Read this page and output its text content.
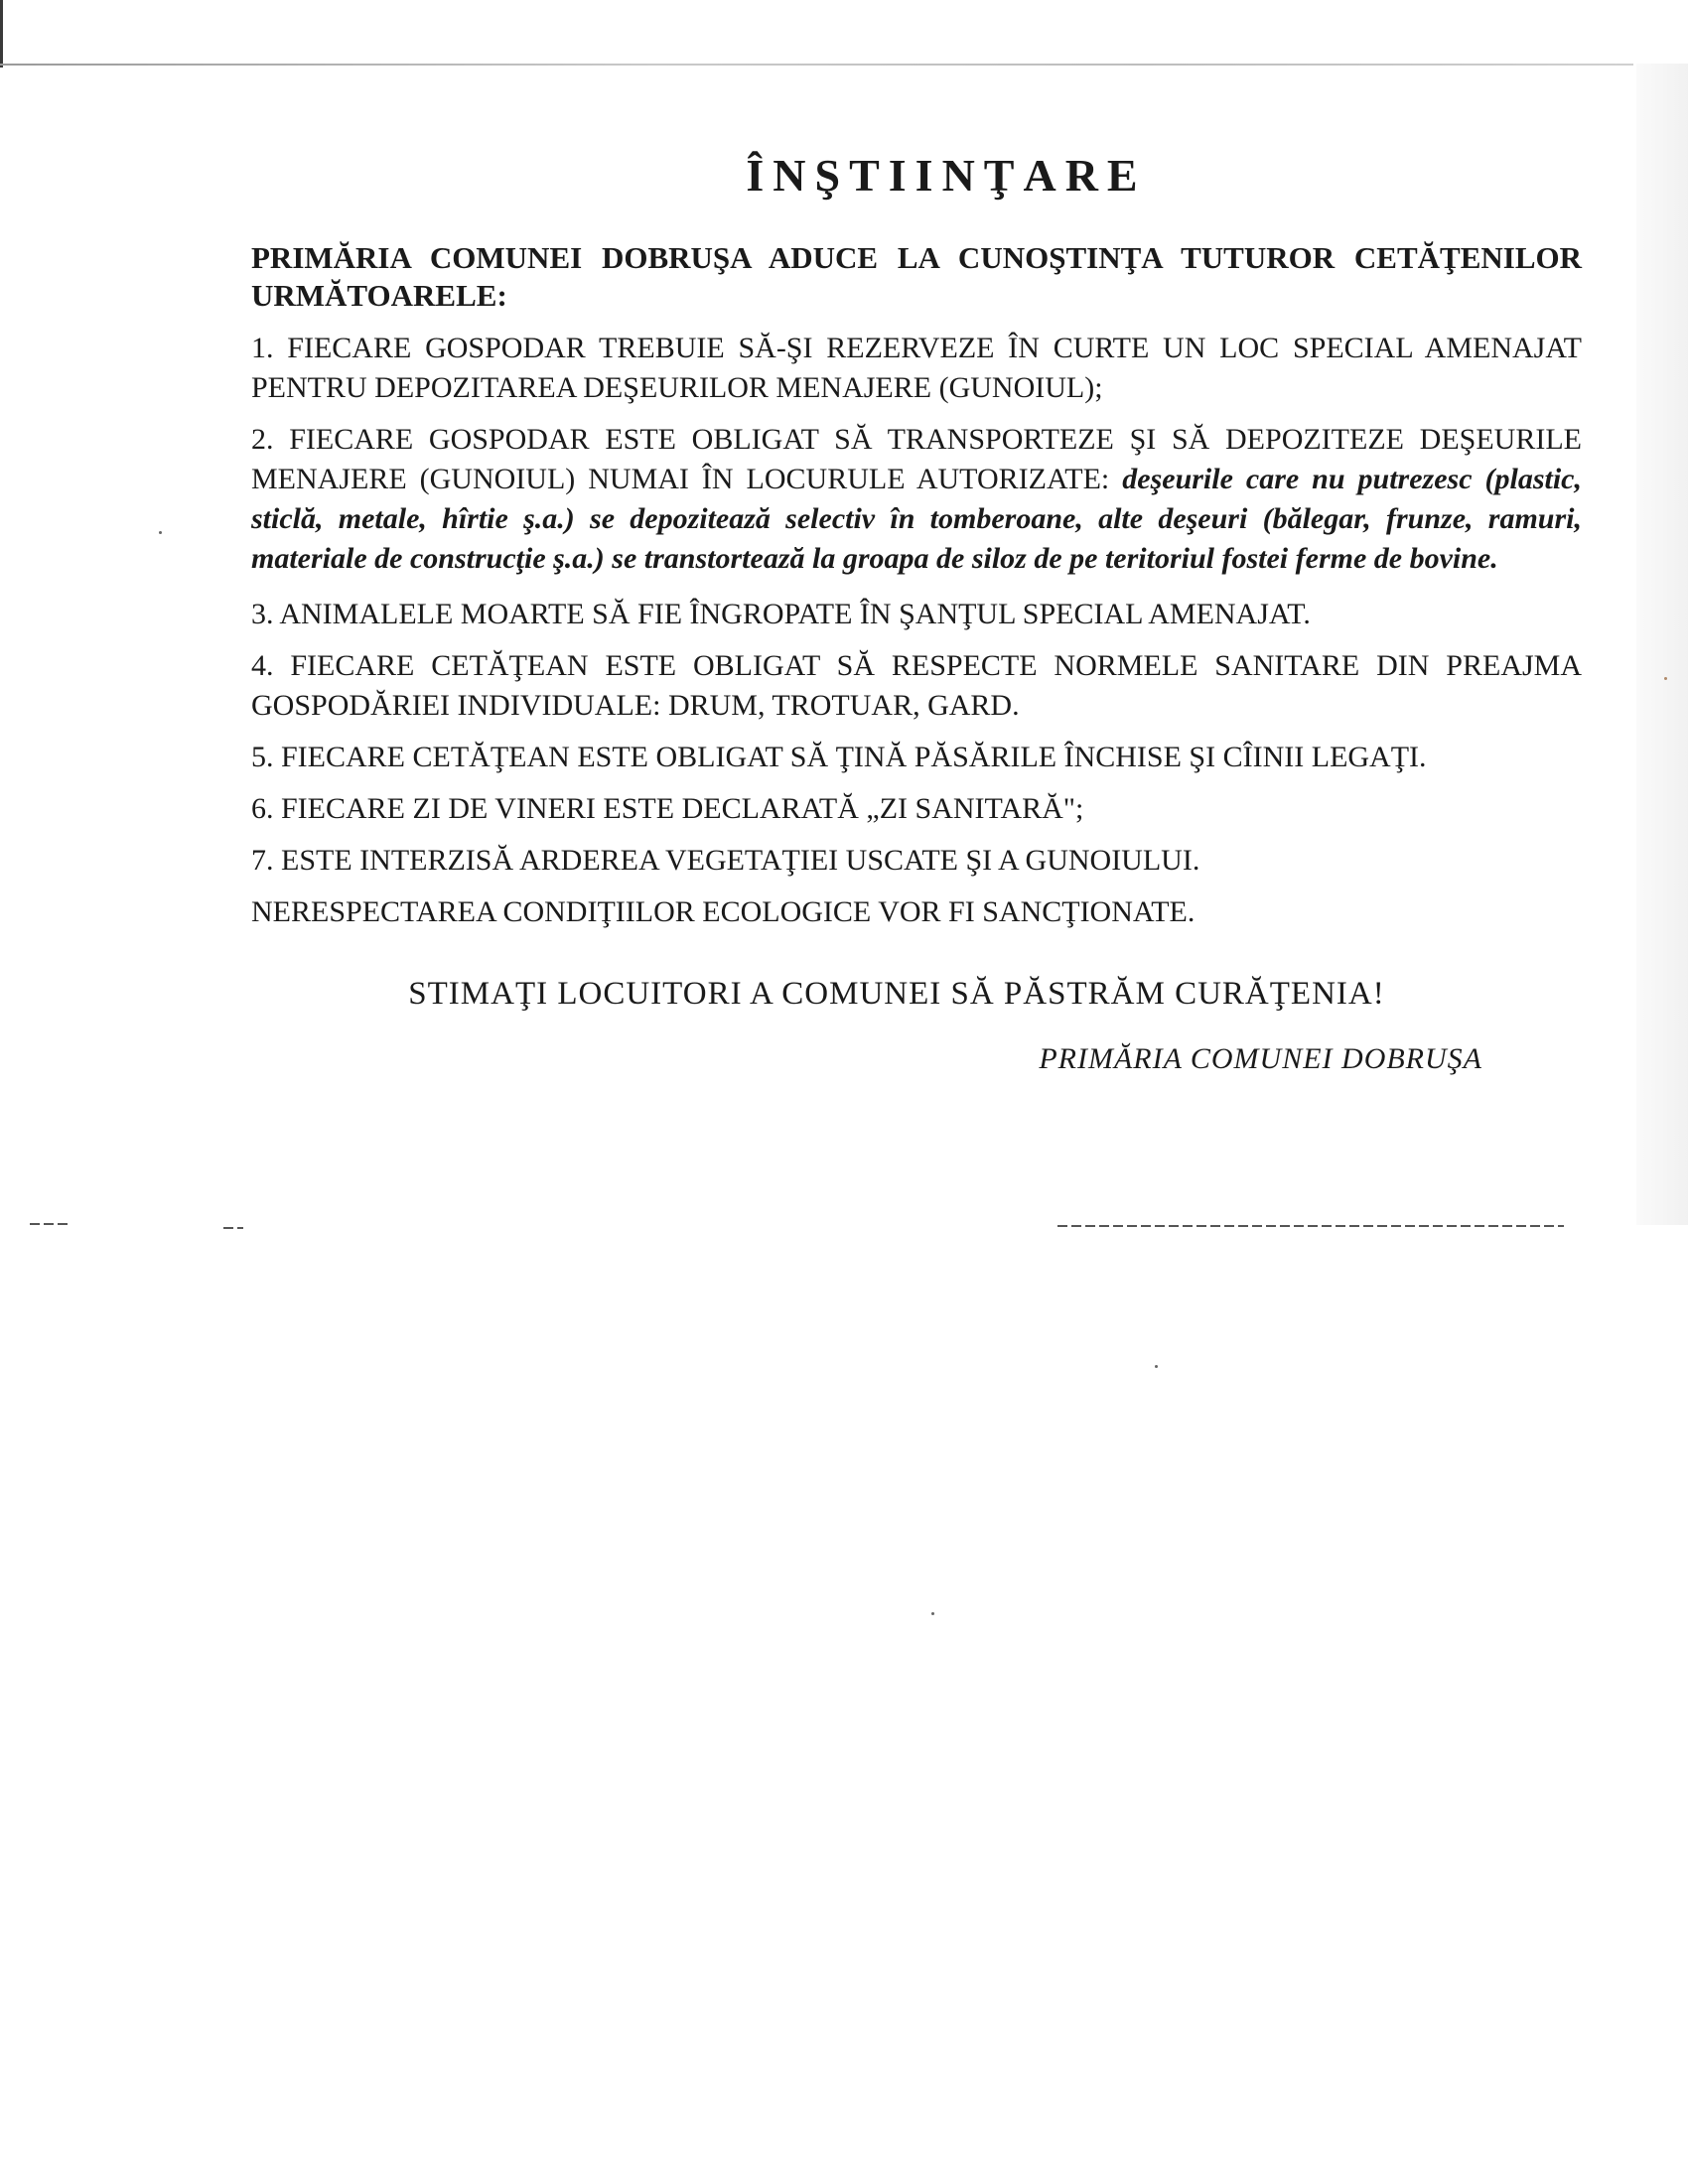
ÎNŞTIINŢARE

PRIMĂRIA COMUNEI DOBRUŞA ADUCE LA CUNOŞTINŢA TUTUROR CETĂŢENILOR URMĂTOARELE:

1. FIECARE GOSPODAR TREBUIE SĂ-ŞI REZERVEZE ÎN CURTE UN LOC SPECIAL AMENAJAT PENTRU DEPOZITAREA DEŞEURILOR MENAJERE (GUNOIUL);

2. FIECARE GOSPODAR ESTE OBLIGAT SĂ TRANSPORTEZE ŞI SĂ DEPOZITEZE DEŞEURILE MENAJERE (GUNOIUL) NUMAI ÎN LOCURULE AUTORIZATE: deşeurile care nu putrezesc (plastic, sticlă, metale, hîrtie ş.a.) se depozitează selectiv în tomberoane, alte deşeuri (bălegar, frunze, ramuri, materiale de construcţie ş.a.) se transtortează la groapa de siloz de pe teritoriul fostei ferme de bovine.

3. ANIMALELE MOARTE SĂ FIE ÎNGROPATE ÎN ŞANŢUL SPECIAL AMENAJAT.

4. FIECARE CETĂŢEAN ESTE OBLIGAT SĂ RESPECTE NORMELE SANITARE DIN PREAJMA GOSPODĂRIEI INDIVIDUALE: DRUM, TROTUAR, GARD.

5. FIECARE CETĂŢEAN ESTE OBLIGAT SĂ ŢINĂ PĂSĂRILE ÎNCHISE ŞI CÎINII LEGAŢI.

6. FIECARE ZI DE VINERI ESTE DECLARATĂ „ZI SANITARĂ";

7. ESTE INTERZISĂ ARDEREA VEGETAŢIEI USCATE ŞI A GUNOIULUI.

NERESPECTAREA CONDIŢIILOR ECOLOGICE VOR FI SANCŢIONATE.

STIMAŢI LOCUITORI A COMUNEI SĂ PĂSTRĂM CURĂŢENIA!

PRIMĂRIA COMUNEI DOBRUŞA
